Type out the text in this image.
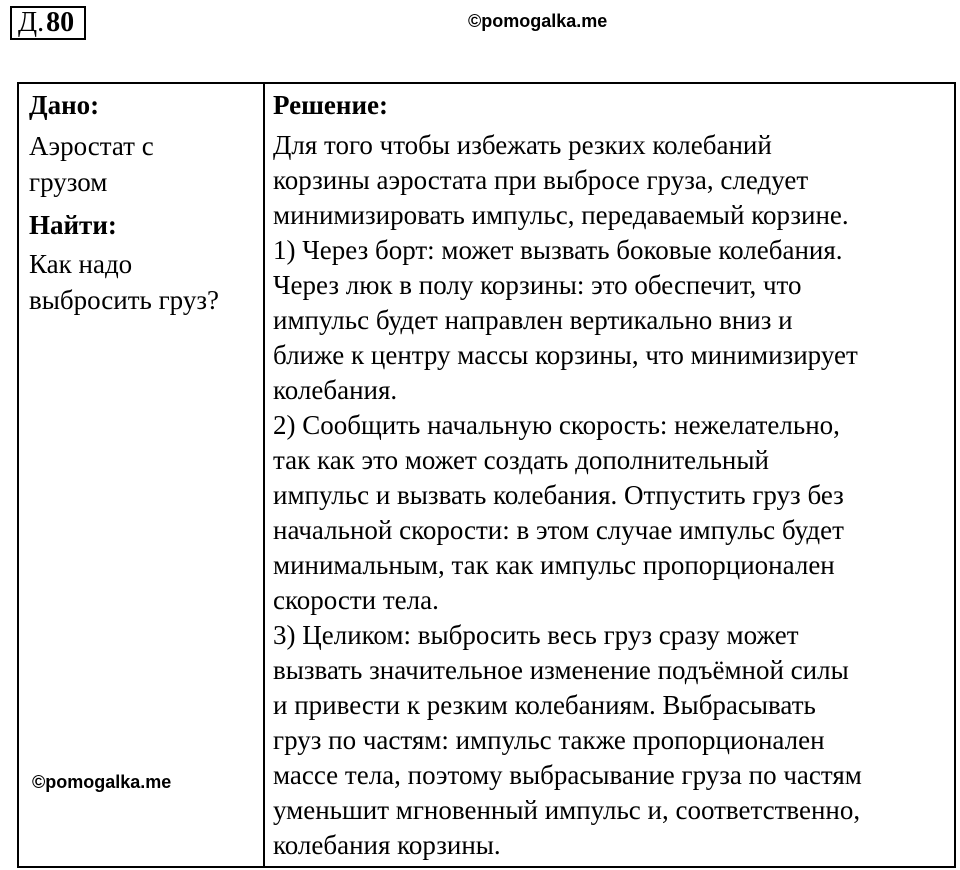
Д. 80	©pomogalka.me
Дано:
Аэростат с
грузом
Найти:
Как надо
выбросить груз?
Решение:
Для того чтобы избежать резких колебаний
корзины аэростата при выбросе груза, следует
минимизировать импульс, передаваемый корзине.
1) Через борт: может вызвать боковые колебания.
Через люк в полу корзины: это обеспечит, что
импульс будет направлен вертикально вниз и
ближе к центру массы корзины, что минимизирует
колебания.
2) Сообщить начальную скорость: нежелательно,
так как это может создать дополнительный
импульс и вызвать колебания. Отпустить груз без
начальной скорости: в этом случае импульс будет
минимальным, так как импульс пропорционален
скорости тела.
3) Целиком: выбросить весь груз сразу может
вызвать значительное изменение подъёмной силы
и привести к резким колебаниям. Выбрасывать
груз по частям: импульс также пропорционален
массе тела, поэтому выбрасывание груза по частям
уменьшит мгновенный импульс и, соответственно,
колебания корзины.
©pomogalka.me
